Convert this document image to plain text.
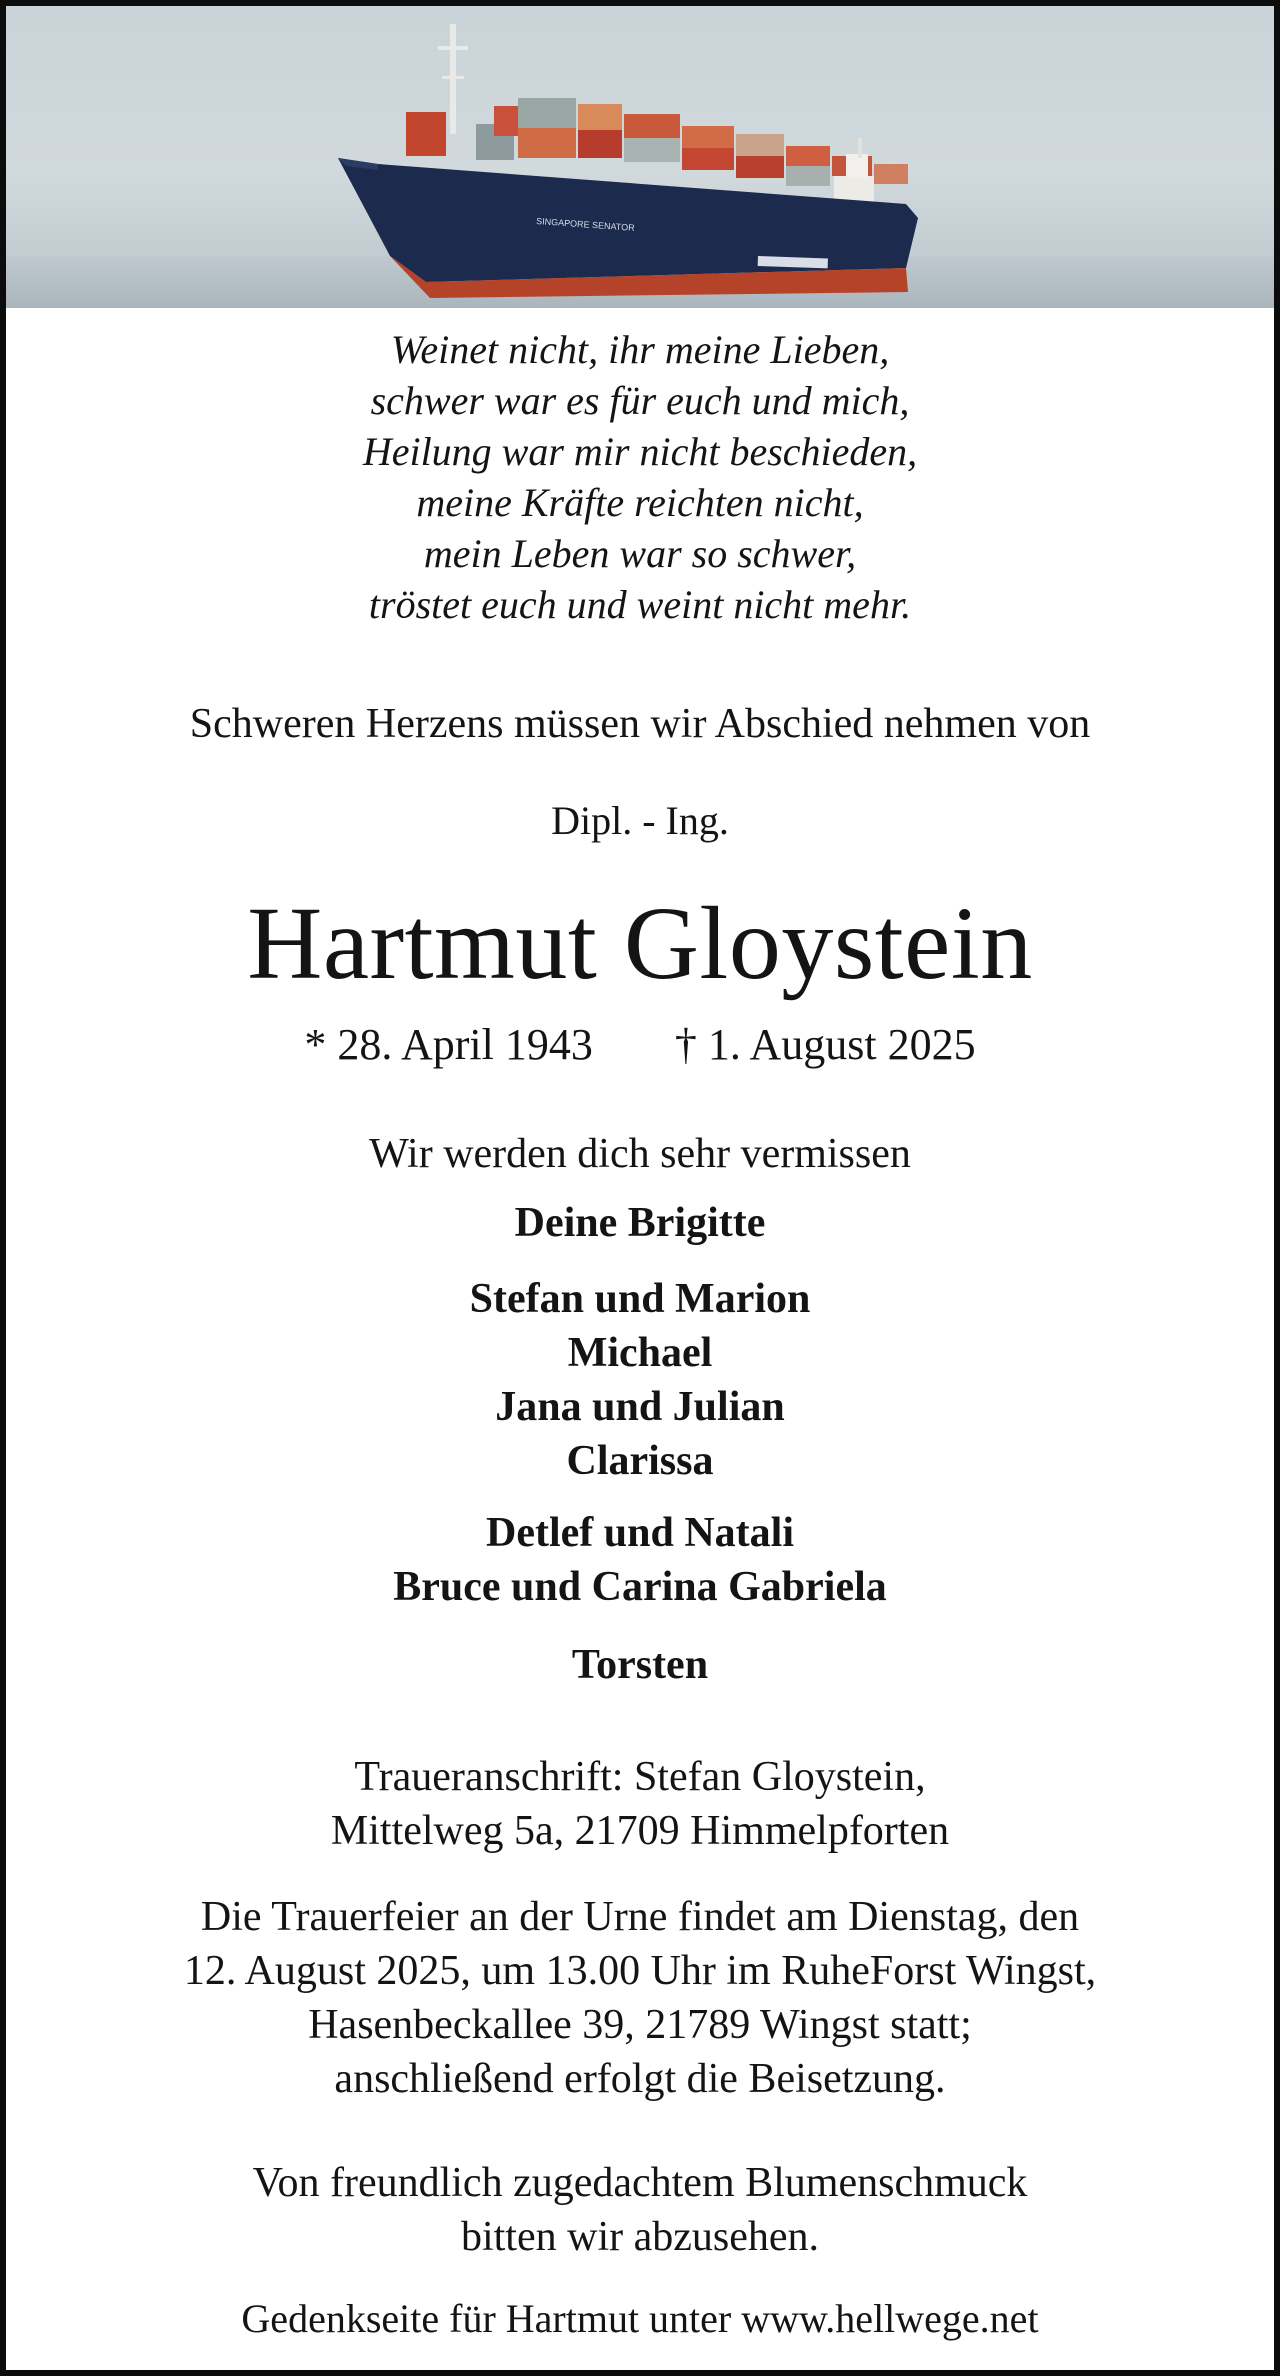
SINGAPORE SENATOR
Weinet nicht, ihr meine Lieben,
schwer war es für euch und mich,
Heilung war mir nicht beschieden,
meine Kräfte reichten nicht,
mein Leben war so schwer,
tröstet euch und weint nicht mehr.
Schweren Herzens müssen wir Abschied nehmen von
Dipl. - Ing.
Hartmut Gloystein
* 28. April 1943 † 1. August 2025
Wir werden dich sehr vermissen
Deine Brigitte
Stefan und Marion
Michael
Jana und Julian
Clarissa
Detlef und Natali
Bruce und Carina Gabriela
Torsten
Traueranschrift: Stefan Gloystein,
Mittelweg 5a, 21709 Himmelpforten
Die Trauerfeier an der Urne findet am Dienstag, den
12. August 2025, um 13.00 Uhr im RuheForst Wingst,
Hasenbeckallee 39, 21789 Wingst statt;
anschließend erfolgt die Beisetzung.
Von freundlich zugedachtem Blumenschmuck
bitten wir abzusehen.
Gedenkseite für Hartmut unter www.hellwege.net
